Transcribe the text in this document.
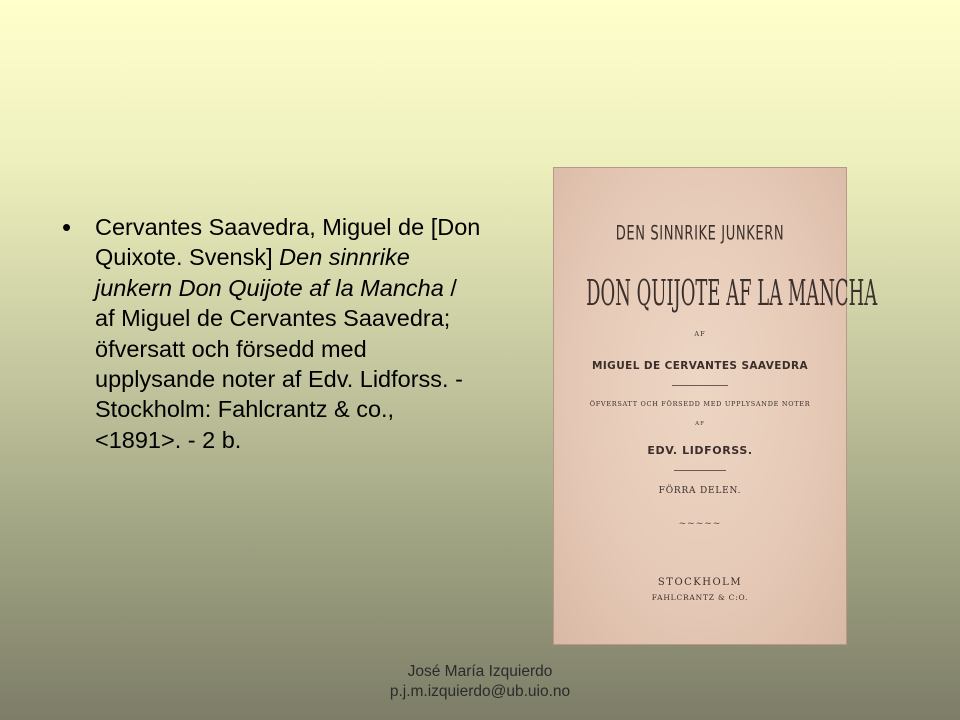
• Cervantes Saavedra, Miguel de [Don Quixote. Svensk] Den sinnrike junkern Don Quijote af la Mancha / af Miguel de Cervantes Saavedra; öfversatt och försedd med upplysande noter af Edv. Lidforss. - Stockholm: Fahlcrantz & co., <1891>. - 2 b.
DEN SINNRIKE JUNKERN
DON QUIJOTE AF LA MANCHA
AF
MIGUEL DE CERVANTES SAAVEDRA
ÖFVERSATT OCH FÖRSEDD MED UPPLYSANDE NOTER
AF
EDV. LIDFORSS.
FÖRRA DELEN.
~~~~~
STOCKHOLM
FAHLCRANTZ & C:O.
José María Izquierdo
p.j.m.izquierdo@ub.uio.no
